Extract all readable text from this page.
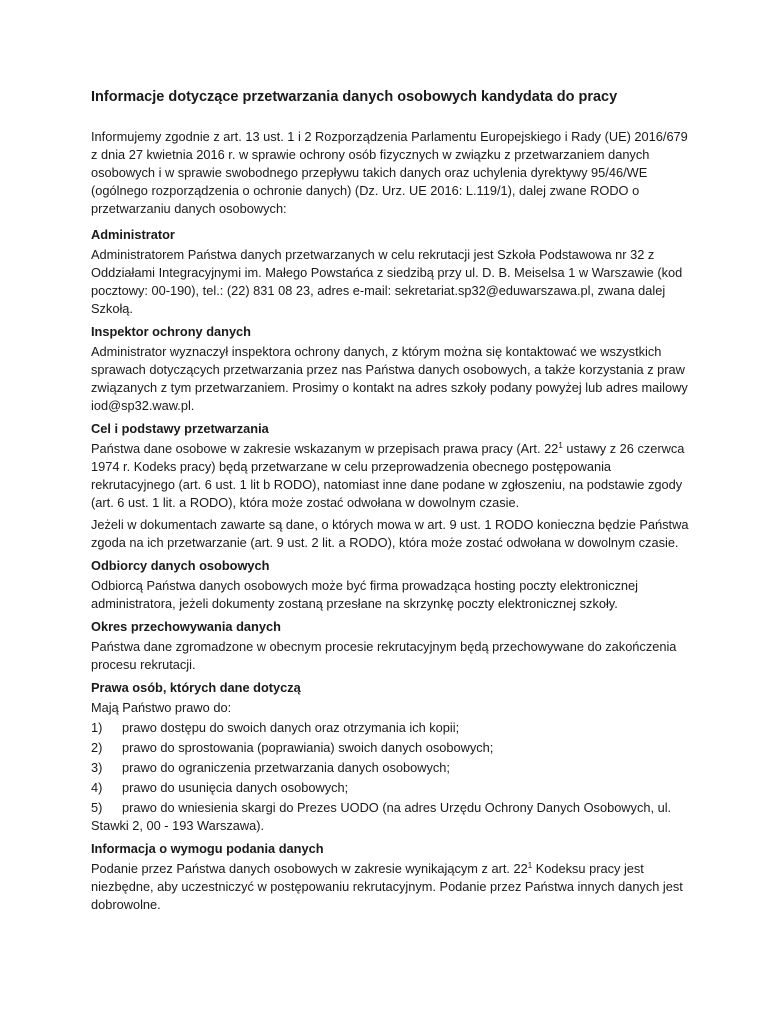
Informacje dotyczące przetwarzania danych osobowych kandydata do pracy

Informujemy zgodnie z art. 13 ust. 1 i 2 Rozporządzenia Parlamentu Europejskiego i Rady (UE) 2016/679 z dnia 27 kwietnia 2016 r. w sprawie ochrony osób fizycznych w związku z przetwarzaniem danych osobowych i w sprawie swobodnego przepływu takich danych oraz uchylenia dyrektywy 95/46/WE (ogólnego rozporządzenia o ochronie danych) (Dz. Urz. UE 2016: L.119/1), dalej zwane RODO o przetwarzaniu danych osobowych:

Administrator

Administratorem Państwa danych przetwarzanych w celu rekrutacji jest Szkoła Podstawowa nr 32 z Oddziałami Integracyjnymi im. Małego Powstańca z siedzibą przy ul. D. B. Meiselsa 1 w Warszawie (kod pocztowy: 00-190), tel.: (22) 831 08 23, adres e-mail: sekretariat.sp32@eduwarszawa.pl, zwana dalej Szkołą.

Inspektor ochrony danych

Administrator wyznaczył inspektora ochrony danych, z którym można się kontaktować we wszystkich sprawach dotyczących przetwarzania przez nas Państwa danych osobowych, a także korzystania z praw związanych z tym przetwarzaniem. Prosimy o kontakt na adres szkoły podany powyżej lub adres mailowy iod@sp32.waw.pl.

Cel i podstawy przetwarzania

Państwa dane osobowe w zakresie wskazanym w przepisach prawa pracy (Art. $22^1$ ustawy z 26 czerwca 1974 r. Kodeks pracy) będą przetwarzane w celu przeprowadzenia obecnego postępowania rekrutacyjnego (art. 6 ust. 1 lit b RODO), natomiast inne dane podane w zgłoszeniu, na podstawie zgody (art. 6 ust. 1 lit. a RODO), która może zostać odwołana w dowolnym czasie.

Jeżeli w dokumentach zawarte są dane, o których mowa w art. 9 ust. 1 RODO konieczna będzie Państwa zgoda na ich przetwarzanie (art. 9 ust. 2 lit. a RODO), która może zostać odwołana w dowolnym czasie.

Odbiorcy danych osobowych

Odbiorcą Państwa danych osobowych może być firma prowadząca hosting poczty elektronicznej administratora, jeżeli dokumenty zostaną przesłane na skrzynkę poczty elektronicznej szkoły.

Okres przechowywania danych

Państwa dane zgromadzone w obecnym procesie rekrutacyjnym będą przechowywane do zakończenia procesu rekrutacji.

Prawa osób, których dane dotyczą

Mają Państwo prawo do:

1) prawo dostępu do swoich danych oraz otrzymania ich kopii;
2) prawo do sprostowania (poprawiania) swoich danych osobowych;
3) prawo do ograniczenia przetwarzania danych osobowych;
4) prawo do usunięcia danych osobowych;
5) prawo do wniesienia skargi do Prezes UODO (na adres Urzędu Ochrony Danych Osobowych, ul. Stawki 2, 00 - 193 Warszawa).

Informacja o wymogu podania danych

Podanie przez Państwa danych osobowych w zakresie wynikającym z art. $22^1$ Kodeksu pracy jest niezbędne, aby uczestniczyć w postępowaniu rekrutacyjnym. Podanie przez Państwa innych danych jest dobrowolne.
